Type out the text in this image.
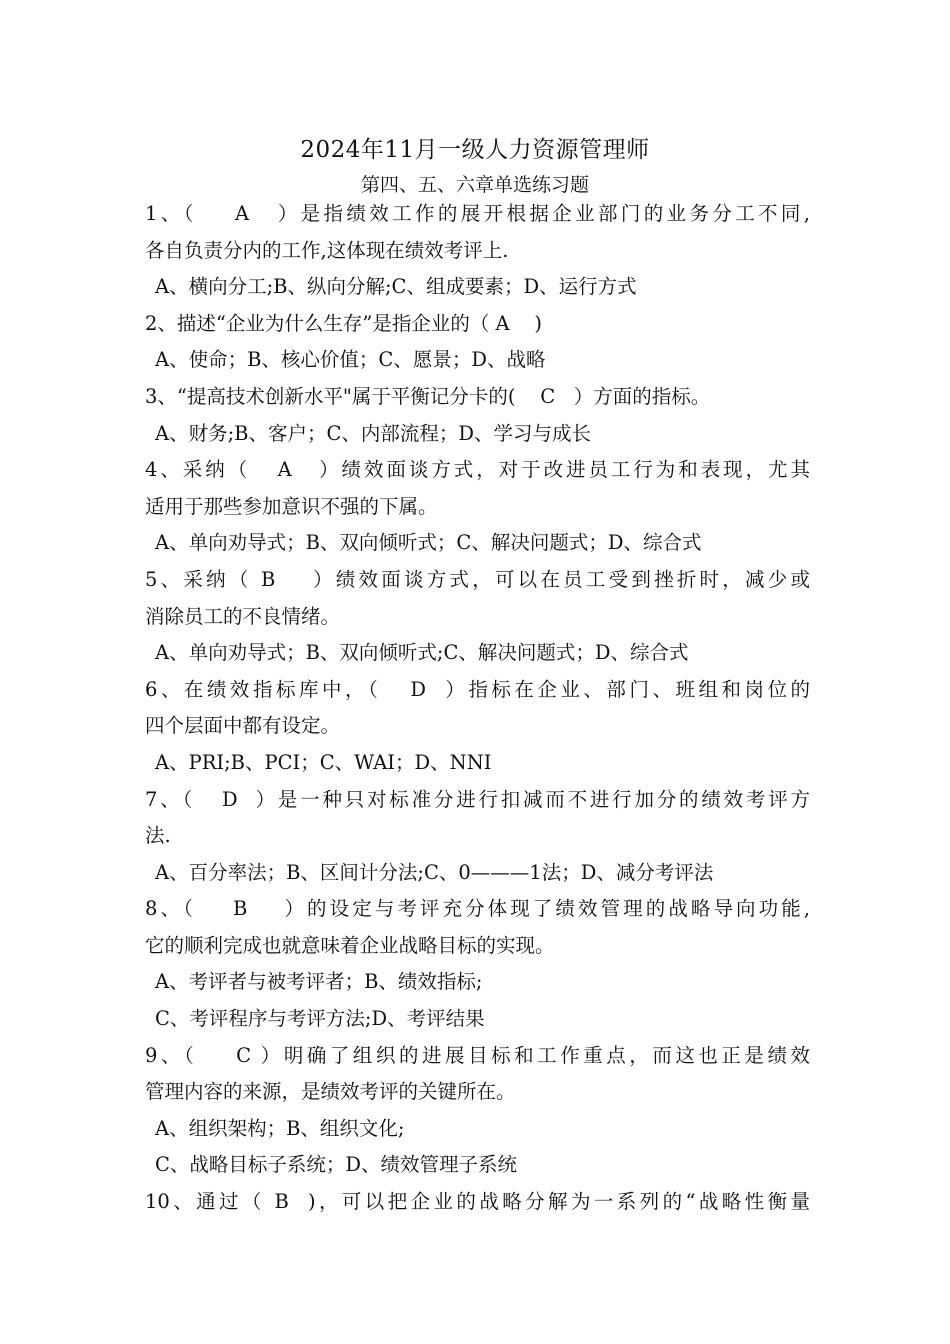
2024年11月一级人力资源管理师
第四、五、六章单选练习题
1、（    A   ）是指绩效工作的展开根据企业部门的业务分工不同,
各自负责分内的工作,这体现在绩效考评上.
A、横向分工;B、纵向分解;C、组成要素；D、运行方式
2、描述“企业为什么生存”是指企业的（ A    )
A、使命；B、核心价值；C、愿景；D、战略
3、“提高技术创新水平"属于平衡记分卡的(    C   ）方面的指标。
A、财务;B、客户；C、内部流程；D、学习与成长
4、采纳（   A   ）绩效面谈方式，对于改进员工行为和表现，尤其
适用于那些参加意识不强的下属。
A、单向劝导式；B、双向倾听式；C、解决问题式；D、综合式
5、采纳（ B    ）绩效面谈方式，可以在员工受到挫折时，减少或
消除员工的不良情绪。
A、单向劝导式；B、双向倾听式;C、解决问题式；D、综合式
6、在绩效指标库中，（   D  ）指标在企业、部门、班组和岗位的
四个层面中都有设定。
A、PRI;B、PCI；C、WAI；D、NNI
7、（   D  ）是一种只对标准分进行扣减而不进行加分的绩效考评方
法.
A、百分率法；B、区间计分法;C、0———1法；D、减分考评法
8、（    B    ）的设定与考评充分体现了绩效管理的战略导向功能,
它的顺利完成也就意味着企业战略目标的实现。
A、考评者与被考评者；B、绩效指标;
C、考评程序与考评方法;D、考评结果
9、（    C ）明确了组织的进展目标和工作重点，而这也正是绩效
管理内容的来源，是绩效考评的关键所在。
A、组织架构；B、组织文化;
C、战略目标子系统；D、绩效管理子系统
10、通过（ B  )，可以把企业的战略分解为一系列的“战略性衡量
